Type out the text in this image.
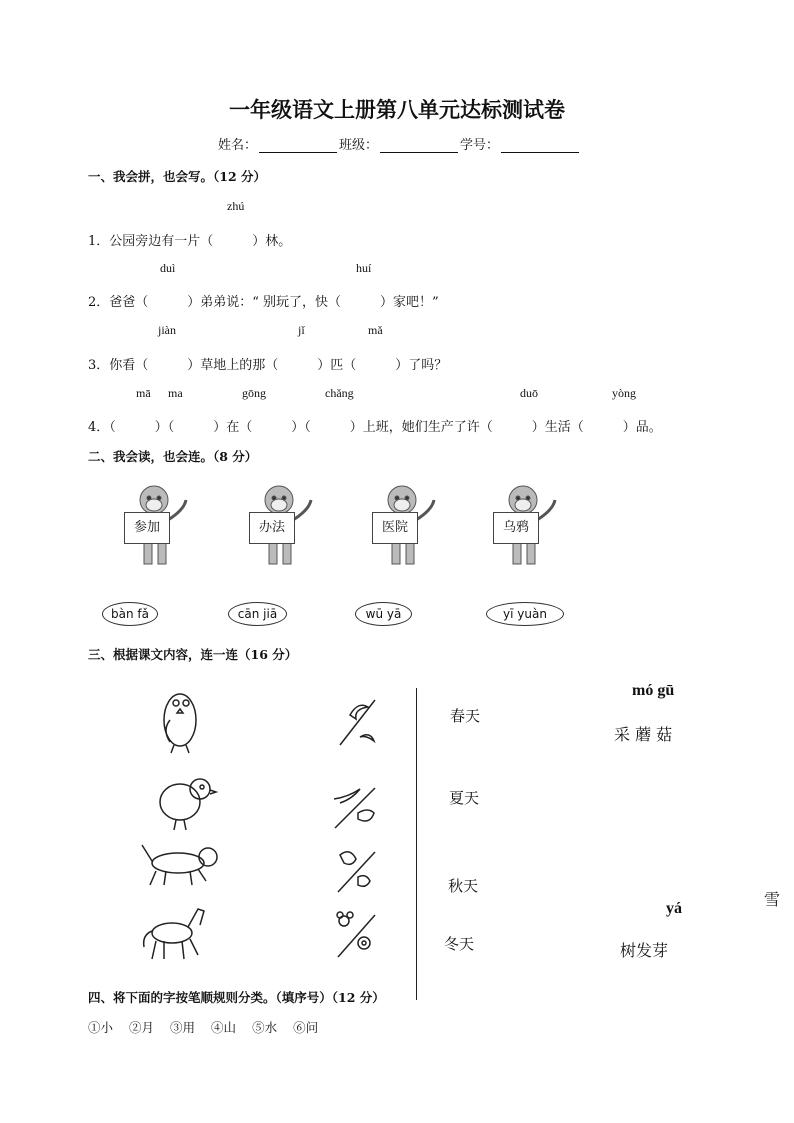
一年级语文上册第八单元达标测试卷
姓名：	班级：	学号：
一、我会拼，也会写。（12 分）
zhú
1．公园旁边有一片（　　　）林。
duì	huí
2．爸爸（　　　）弟弟说：“ 别玩了，快（　　　）家吧！”
jiàn	jǐ	mǎ
3．你看（　　　）草地上的那（　　　）匹（　　　）了吗？
mā ma	gōng	chǎng	duō	yòng
4．（　　　）（　　　）在（　　　）（　　　）上班，她们生产了许（　　　）生活（　　　）品。
二、我会读，也会连。（8 分）
参加	办法	医院	乌鸦
bàn fǎ	cān jiā	wū yā	yī yuàn
三、根据课文内容，连一连（16 分）
春天
夏天
秋天
冬天
mó gū
采 蘑 菇
yá
树发芽
雪
四、将下面的字按笔顺规则分类。（填序号）（12 分）
①小 ②月 ③用 ④山 ⑤水 ⑥问
